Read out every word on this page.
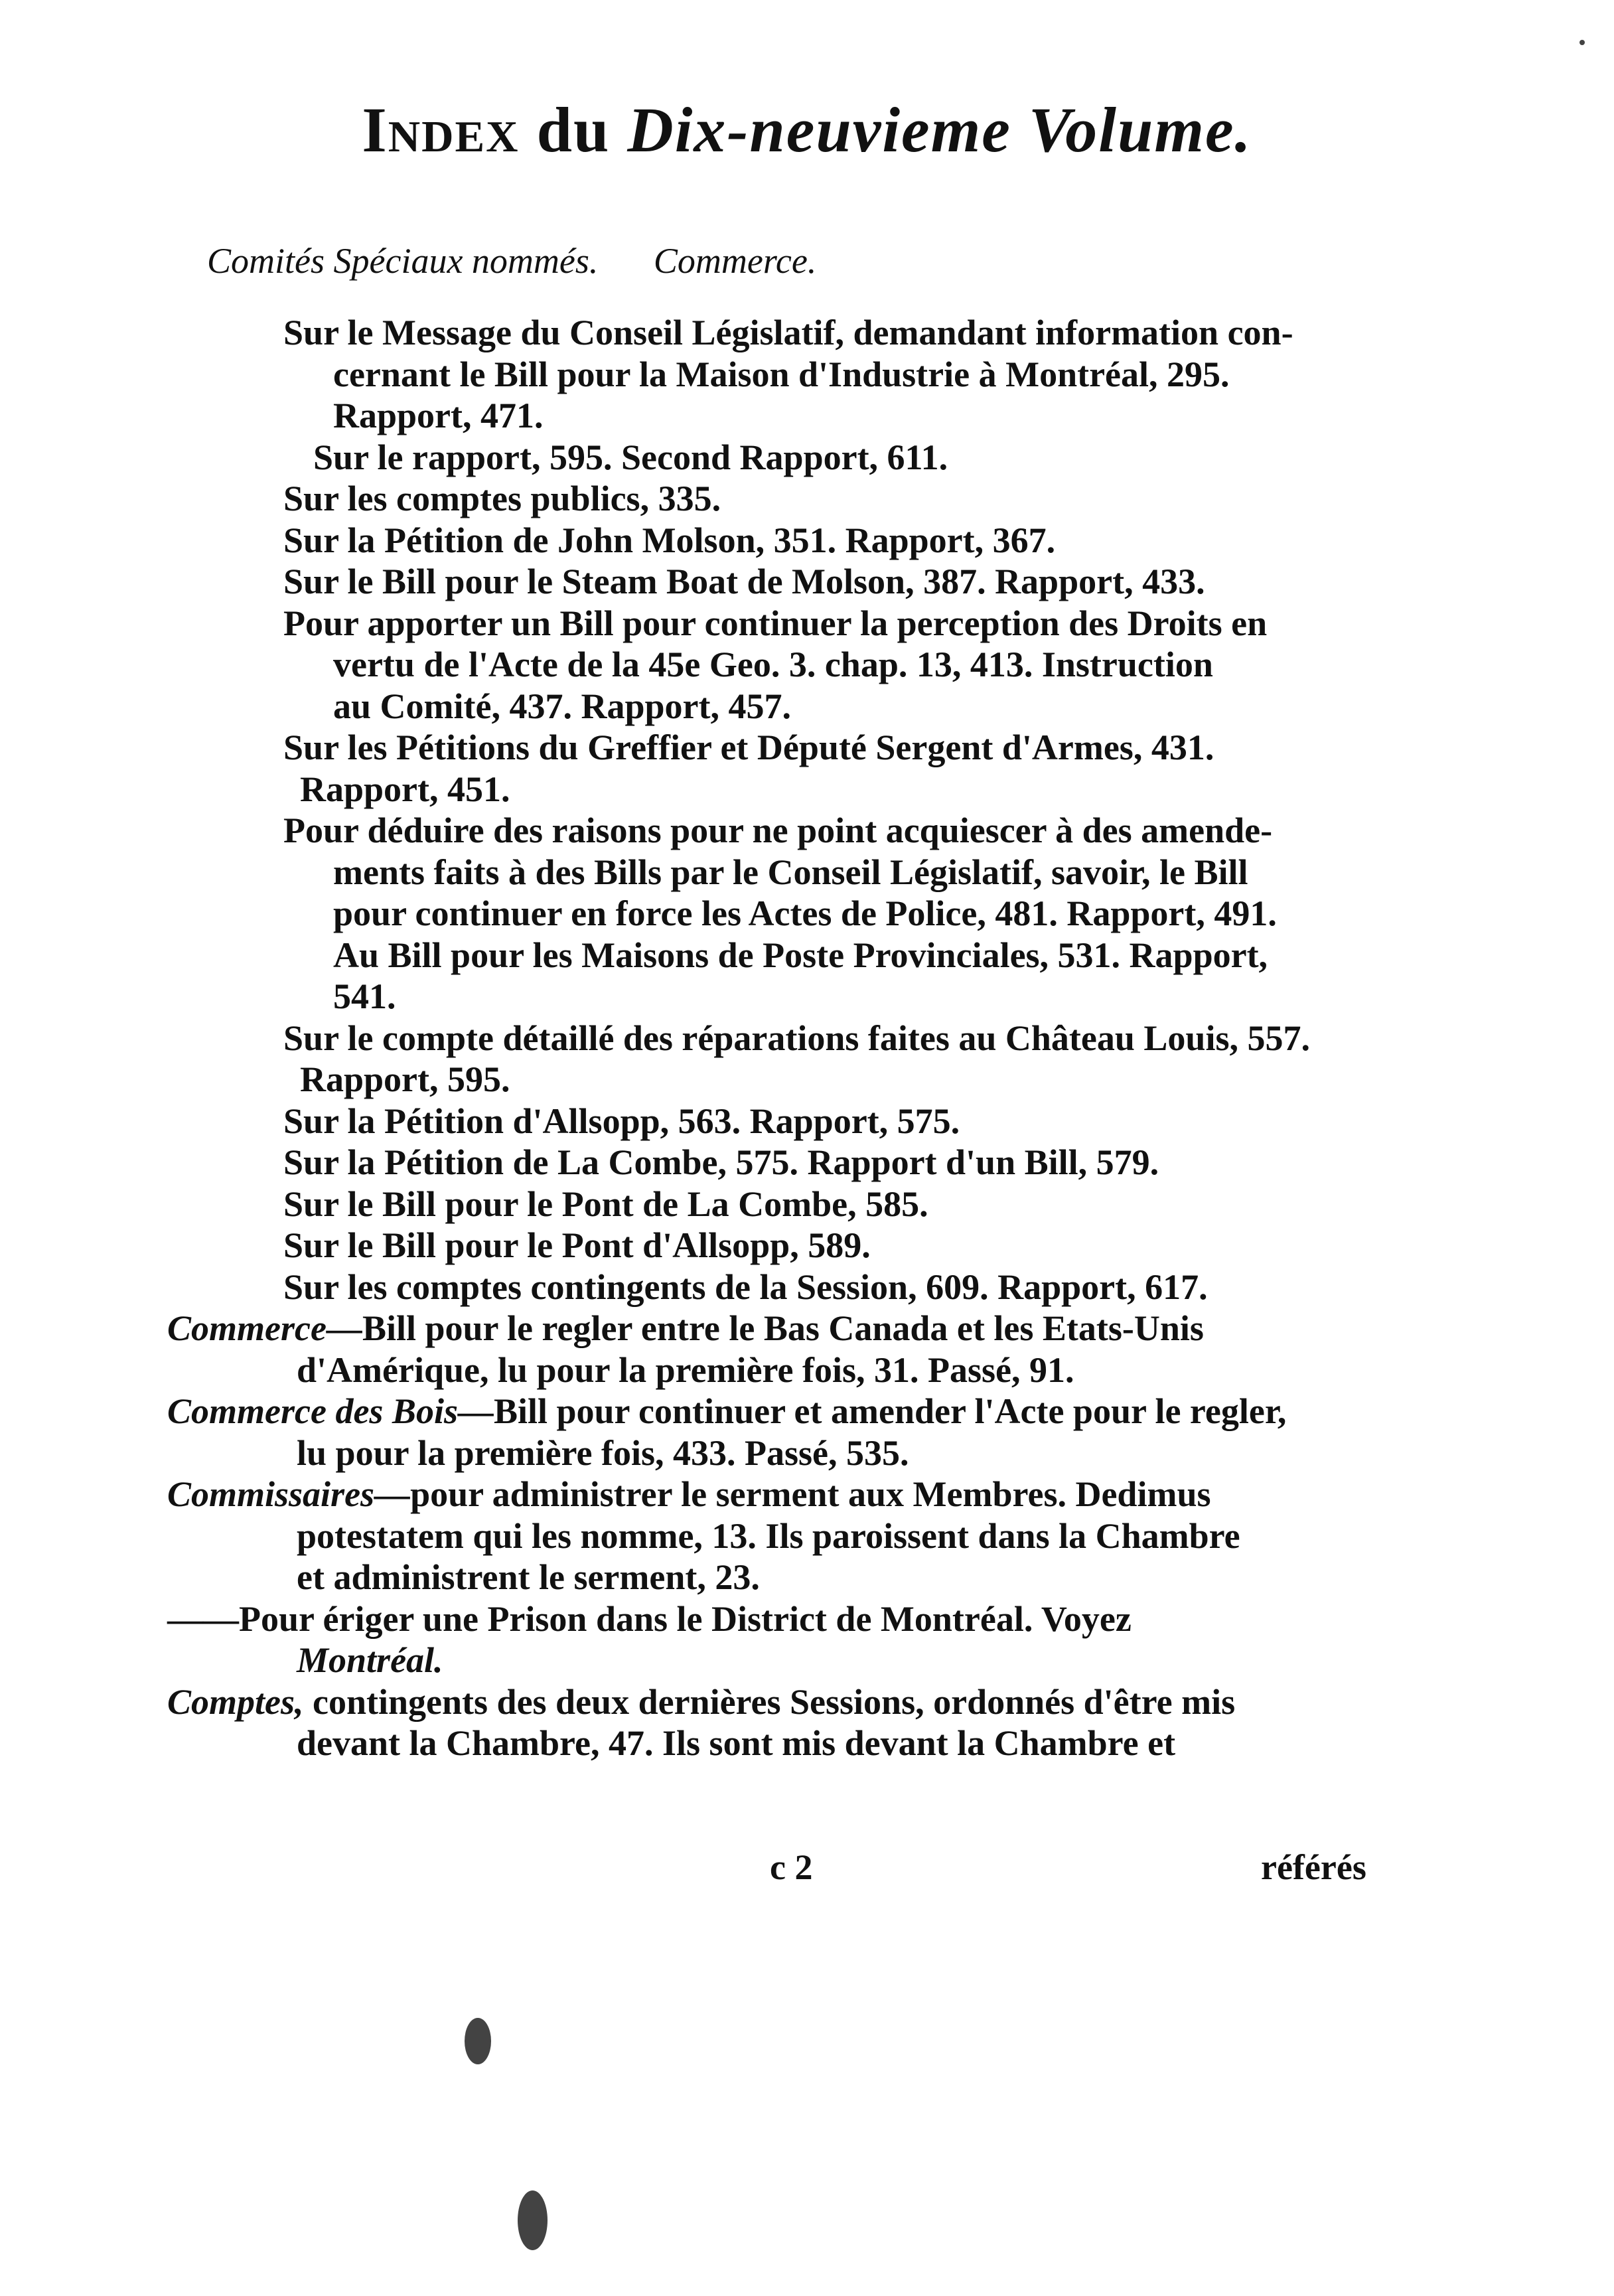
Index du Dix-neuvieme Volume.
Comités Spéciaux nommés. Commerce.
Sur le Message du Conseil Législatif, demandant information con-
cernant le Bill pour la Maison d'Industrie à Montréal, 295.
Rapport, 471.
Sur le rapport, 595. Second Rapport, 611.
Sur les comptes publics, 335.
Sur la Pétition de John Molson, 351. Rapport, 367.
Sur le Bill pour le Steam Boat de Molson, 387. Rapport, 433.
Pour apporter un Bill pour continuer la perception des Droits en
vertu de l'Acte de la 45e Geo. 3. chap. 13, 413. Instruction
au Comité, 437. Rapport, 457.
Sur les Pétitions du Greffier et Député Sergent d'Armes, 431.
Rapport, 451.
Pour déduire des raisons pour ne point acquiescer à des amende-
ments faits à des Bills par le Conseil Législatif, savoir, le Bill
pour continuer en force les Actes de Police, 481. Rapport, 491.
Au Bill pour les Maisons de Poste Provinciales, 531. Rapport,
541.
Sur le compte détaillé des réparations faites au Château Louis, 557.
Rapport, 595.
Sur la Pétition d'Allsopp, 563. Rapport, 575.
Sur la Pétition de La Combe, 575. Rapport d'un Bill, 579.
Sur le Bill pour le Pont de La Combe, 585.
Sur le Bill pour le Pont d'Allsopp, 589.
Sur les comptes contingents de la Session, 609. Rapport, 617.
Commerce—Bill pour le regler entre le Bas Canada et les Etats-Unis
d'Amérique, lu pour la première fois, 31. Passé, 91.
Commerce des Bois—Bill pour continuer et amender l'Acte pour le regler,
lu pour la première fois, 433. Passé, 535.
Commissaires—pour administrer le serment aux Membres. Dedimus
potestatem qui les nomme, 13. Ils paroissent dans la Chambre
et administrent le serment, 23.
——Pour ériger une Prison dans le District de Montréal. Voyez
Montréal.
Comptes, contingents des deux dernières Sessions, ordonnés d'être mis
devant la Chambre, 47. Ils sont mis devant la Chambre et
c 2	référés
